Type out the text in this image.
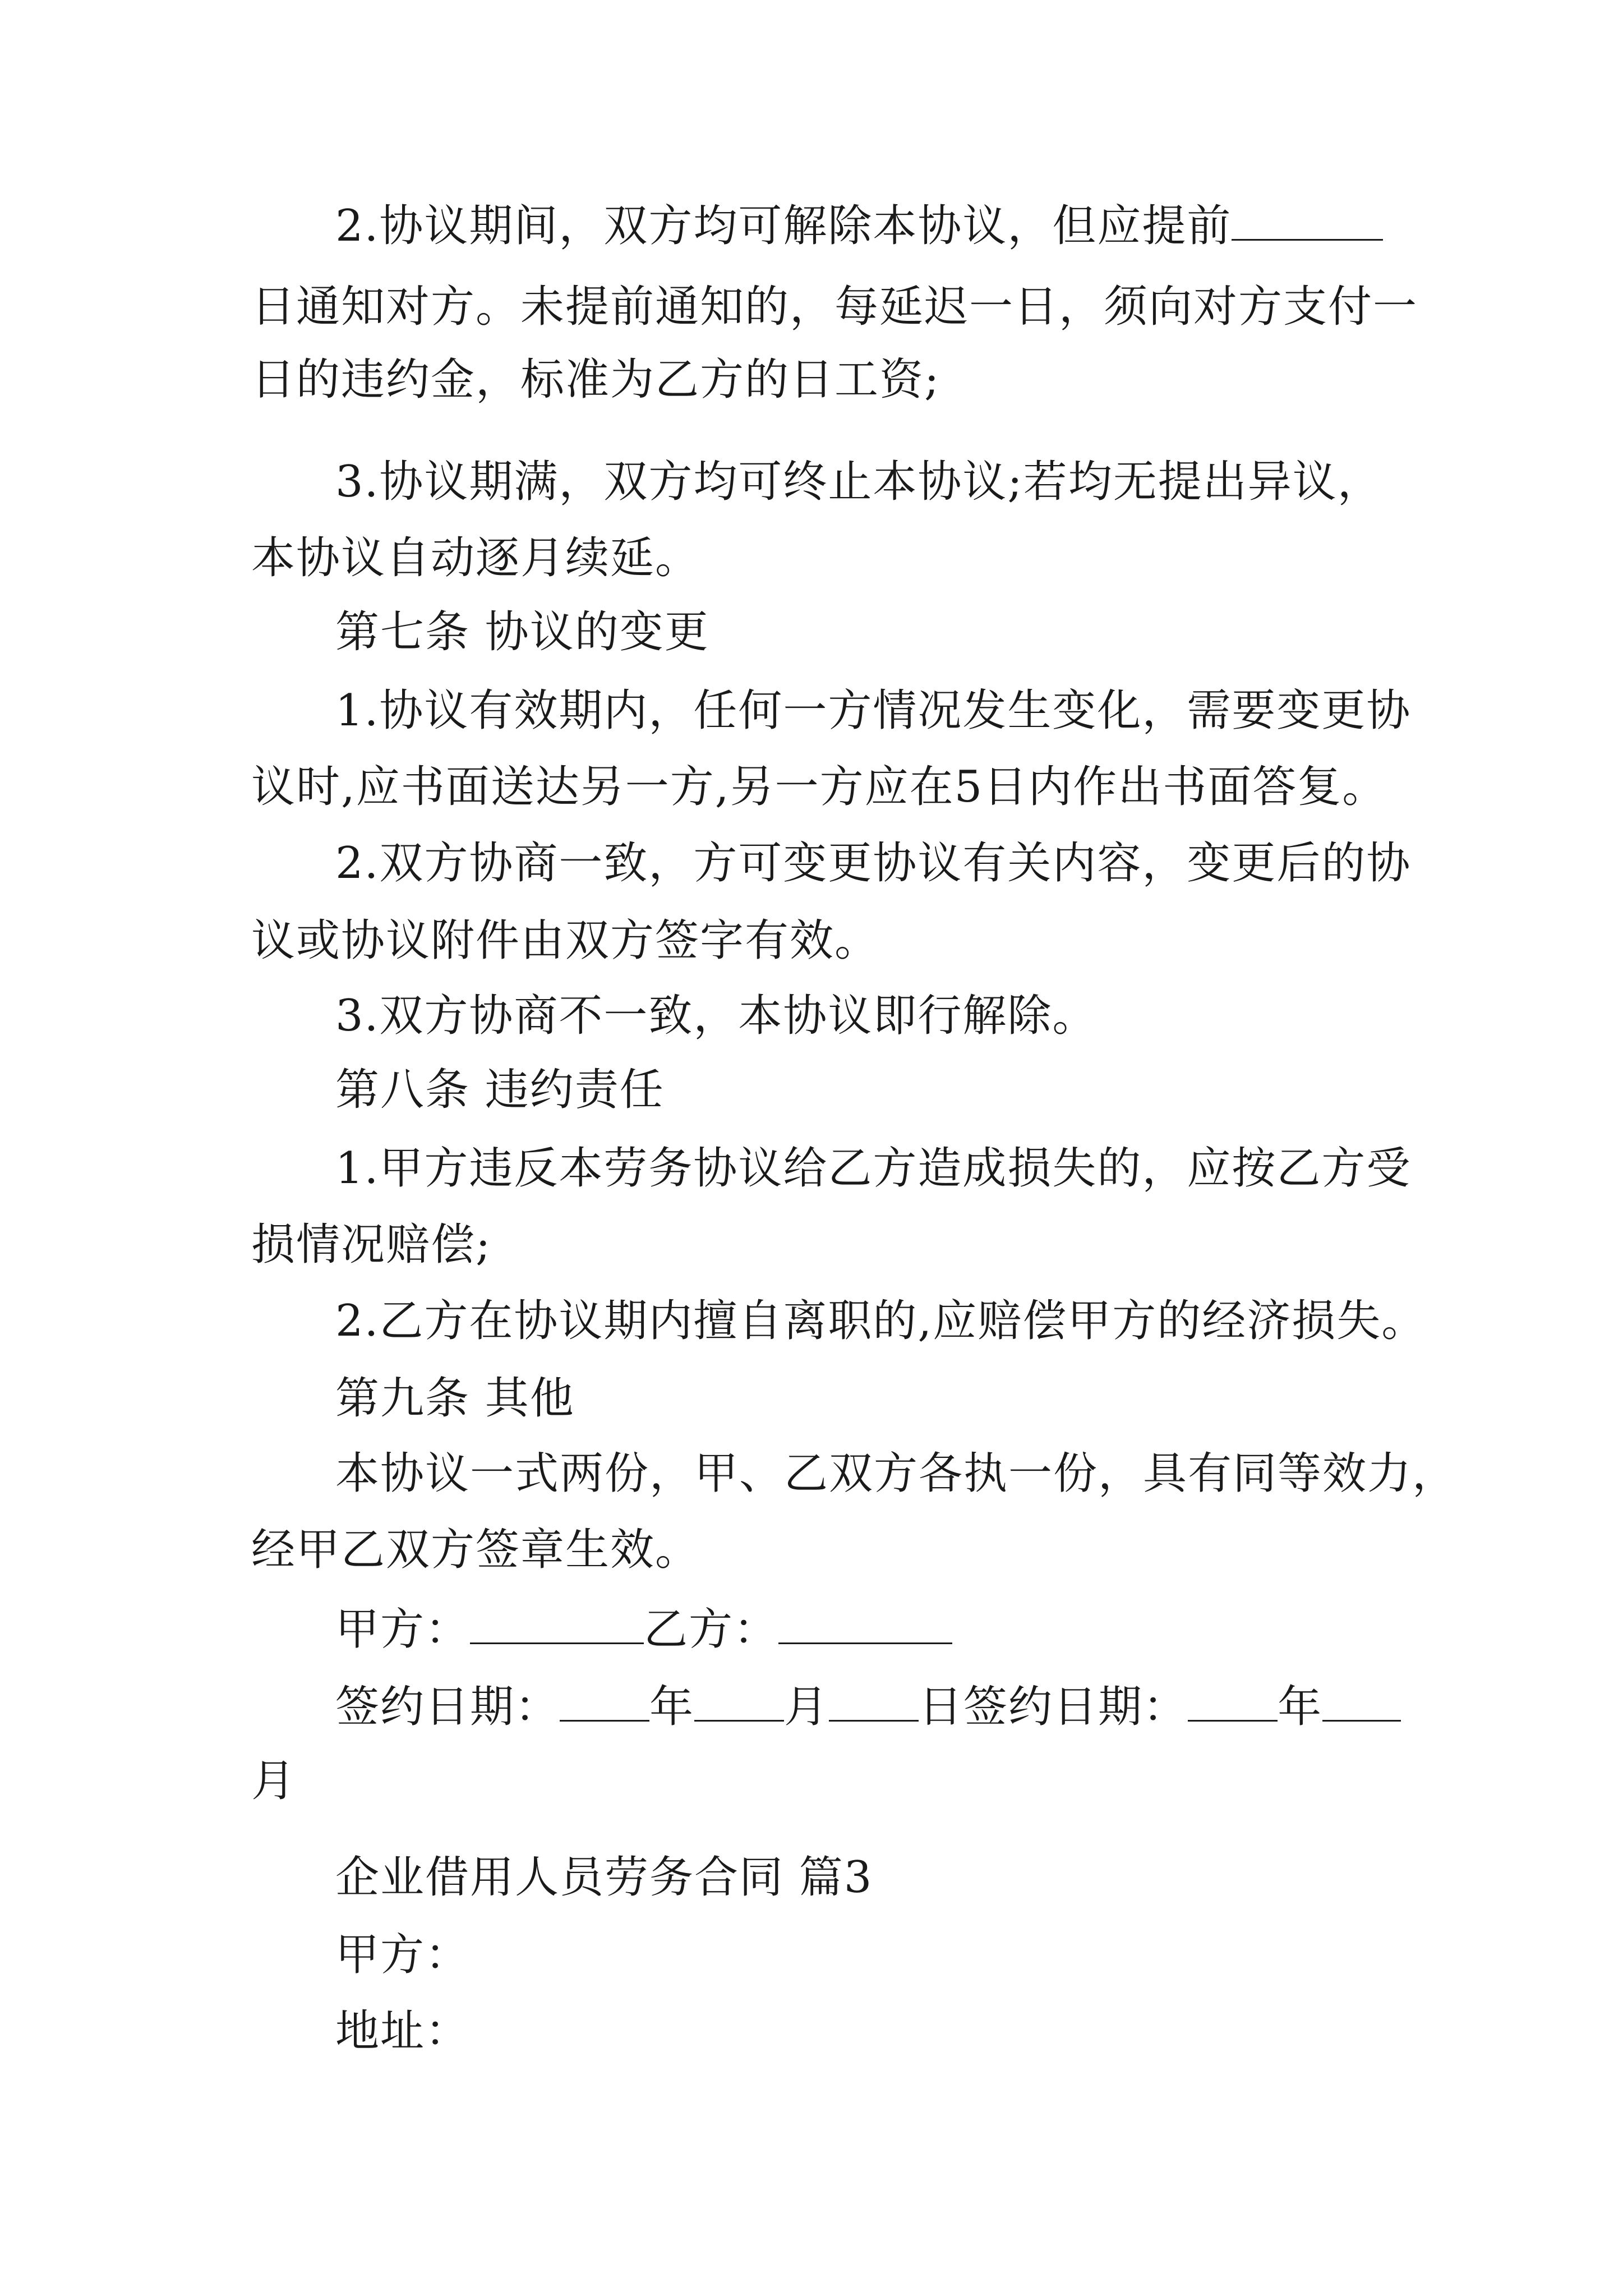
2.协议期间，双方均可解除本协议，但应提前
日通知对方。未提前通知的，每延迟一日，须向对方支付一
日的违约金，标准为乙方的日工资;
3.协议期满，双方均可终止本协议;若均无提出异议，
本协议自动逐月续延。
第七条 协议的变更
1.协议有效期内，任何一方情况发生变化，需要变更协
议时,应书面送达另一方,另一方应在5日内作出书面答复。
2.双方协商一致，方可变更协议有关内容，变更后的协
议或协议附件由双方签字有效。
3.双方协商不一致，本协议即行解除。
第八条 违约责任
1.甲方违反本劳务协议给乙方造成损失的，应按乙方受
损情况赔偿;
2.乙方在协议期内擅自离职的,应赔偿甲方的经济损失。
第九条 其他
本协议一式两份，甲、乙双方各执一份，具有同等效力，
经甲乙双方签章生效。
甲方：	乙方：
签约日期： 年 月 日签约日期： 年
月
企业借用人员劳务合同 篇3
甲方：
地址：
